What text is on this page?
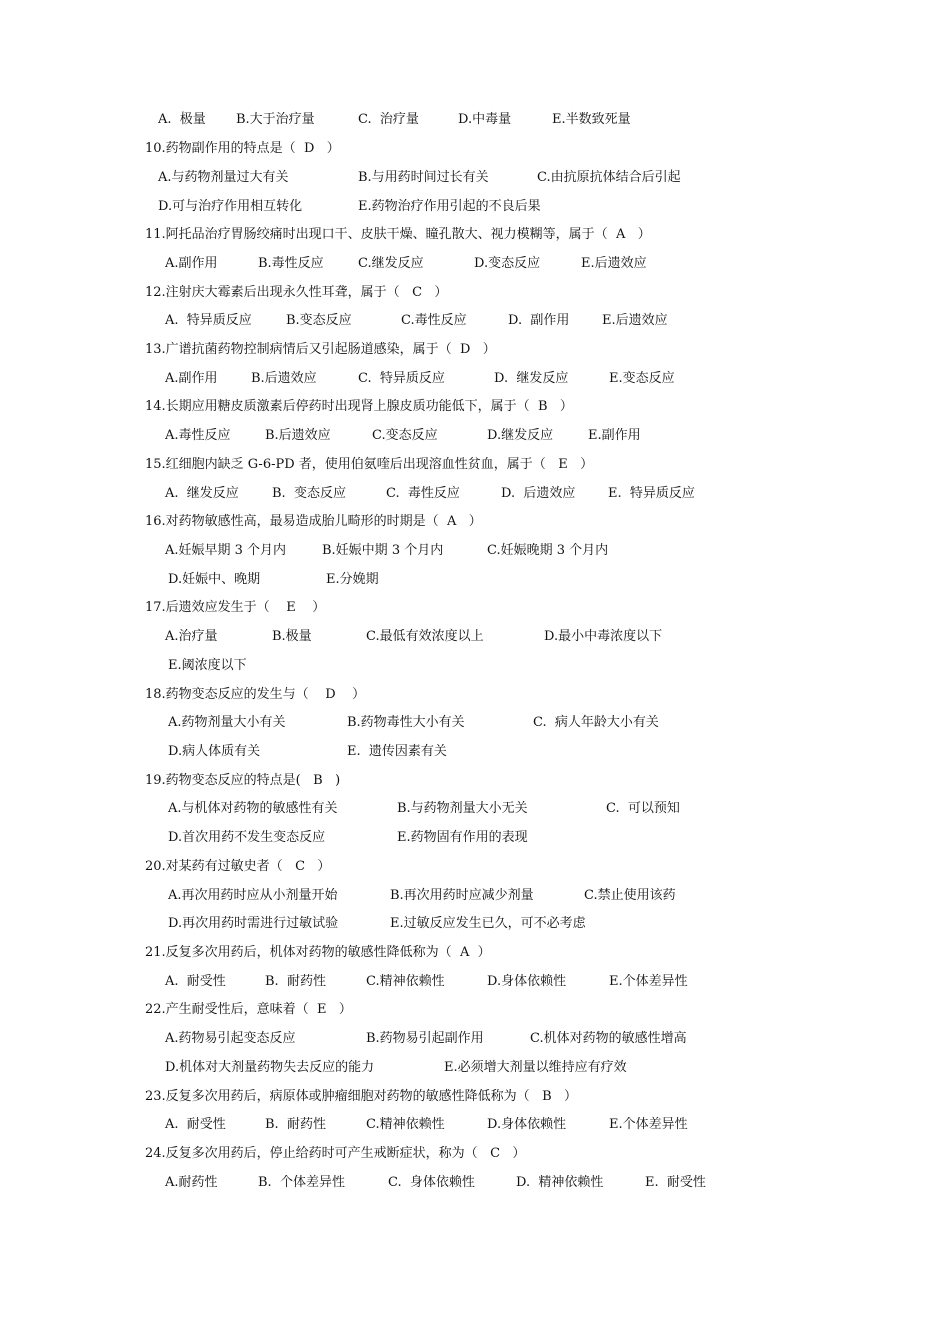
A.  极量 B.大于治疗量	C.  治疗量	D.中毒量	E.半数致死量
10.药物副作用的特点是（  D   ）
A.与药物剂量过大有关	B.与用药时间过长有关	C.由抗原抗体结合后引起
D.可与治疗作用相互转化	E.药物治疗作用引起的不良后果
11.阿托品治疗胃肠绞痛时出现口干、皮肤干燥、瞳孔散大、视力模糊等，属于（  A   ）
A.副作用	B.毒性反应	C.继发反应	D.变态反应	E.后遗效应
12.注射庆大霉素后出现永久性耳聋，属于（   C   ）
A.  特异质反应	B.变态反应	C.毒性反应	D.  副作用	E.后遗效应
13.广谱抗菌药物控制病情后又引起肠道感染，属于（  D   ）
A.副作用	B.后遗效应	C.  特异质反应	D.  继发反应	E.变态反应
14.长期应用糖皮质激素后停药时出现肾上腺皮质功能低下，属于（  B   ）
A.毒性反应	B.后遗效应	C.变态反应	D.继发反应	E.副作用
15.红细胞内缺乏 G-6-PD 者，使用伯氨喹后出现溶血性贫血，属于（   E   ）
A.  继发反应	B.  变态反应	C.  毒性反应	D.  后遗效应	E.  特异质反应
16.对药物敏感性高，最易造成胎儿畸形的时期是（  A   ）
A.妊娠早期 3 个月内	B.妊娠中期 3 个月内	C.妊娠晚期 3 个月内
D.妊娠中、晚期	E.分娩期
17.后遗效应发生于（    E    ）
A.治疗量	B.极量	C.最低有效浓度以上	D.最小中毒浓度以下
E.阈浓度以下
18.药物变态反应的发生与（    D    ）
A.药物剂量大小有关	B.药物毒性大小有关	C.  病人年龄大小有关
D.病人体质有关	E.  遗传因素有关
19.药物变态反应的特点是(   B   )
A.与机体对药物的敏感性有关	B.与药物剂量大小无关	C.  可以预知
D.首次用药不发生变态反应	E.药物固有作用的表现
20.对某药有过敏史者（   C   ）
A.再次用药时应从小剂量开始	B.再次用药时应减少剂量	C.禁止使用该药
D.再次用药时需进行过敏试验	E.过敏反应发生已久，可不必考虑
21.反复多次用药后，机体对药物的敏感性降低称为（  A  ）
A.  耐受性	B.  耐药性	C.精神依赖性	D.身体依赖性	E.个体差异性
22.产生耐受性后，意味着（  E   ）
A.药物易引起变态反应	B.药物易引起副作用	C.机体对药物的敏感性增高
D.机体对大剂量药物失去反应的能力	E.必须增大剂量以维持应有疗效
23.反复多次用药后，病原体或肿瘤细胞对药物的敏感性降低称为（   B   ）
A.  耐受性	B.  耐药性	C.精神依赖性	D.身体依赖性	E.个体差异性
24.反复多次用药后，停止给药时可产生戒断症状，称为（   C   ）
A.耐药性	B.  个体差异性	C.  身体依赖性	D.  精神依赖性	E.  耐受性
